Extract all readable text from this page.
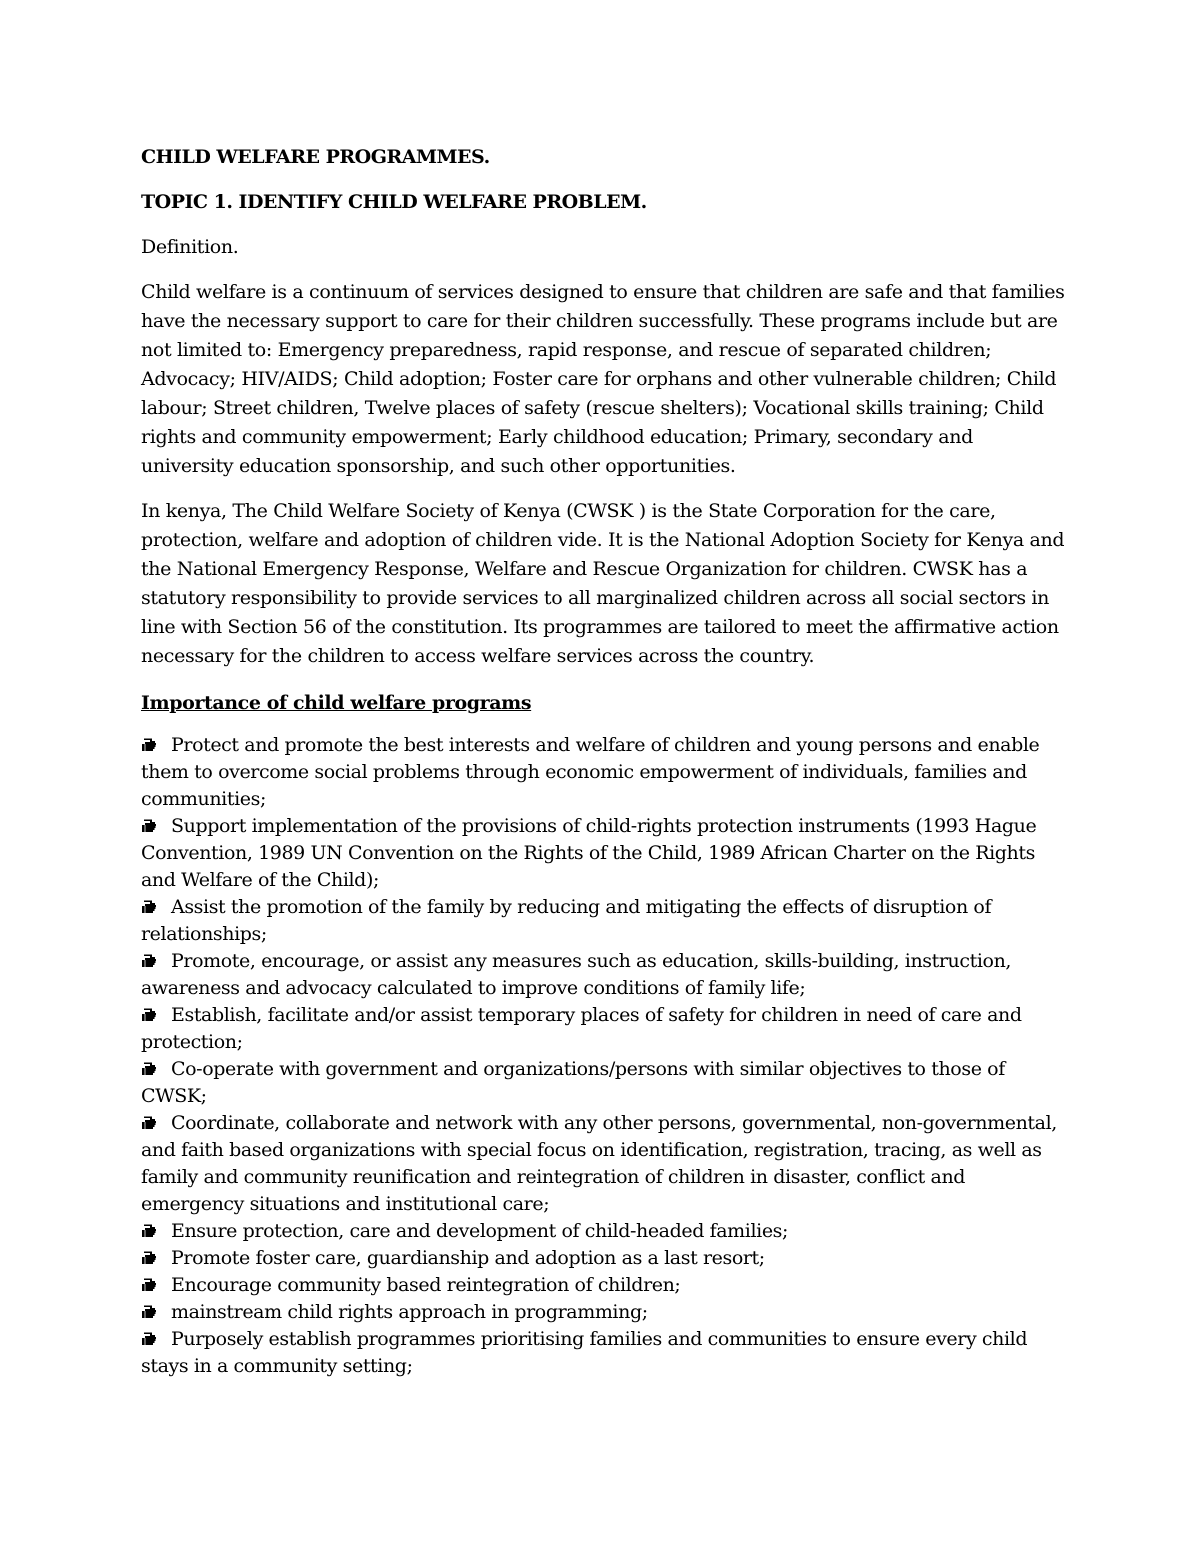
CHILD WELFARE PROGRAMMES.

TOPIC 1. IDENTIFY CHILD WELFARE PROBLEM.

Definition.

Child welfare is a continuum of services designed to ensure that children are safe and that families have the necessary support to care for their children successfully. These programs include but are not limited to: Emergency preparedness, rapid response, and rescue of separated children; Advocacy; HIV/AIDS; Child adoption; Foster care for orphans and other vulnerable children; Child labour; Street children, Twelve places of safety (rescue shelters); Vocational skills training; Child rights and community empowerment; Early childhood education; Primary, secondary and university education sponsorship, and such other opportunities.

In kenya, The Child Welfare Society of Kenya (CWSK ) is the State Corporation for the care, protection, welfare and adoption of children vide. It is the National Adoption Society for Kenya and the National Emergency Response, Welfare and Rescue Organization for children. CWSK has a statutory responsibility to provide services to all marginalized children across all social sectors in line with Section 56 of the constitution. Its programmes are tailored to meet the affirmative action necessary for the children to access welfare services across the country.

Importance of child welfare programs

Protect and promote the best interests and welfare of children and young persons and enable them to overcome social problems through economic empowerment of individuals, families and communities;
Support implementation of the provisions of child-rights protection instruments (1993 Hague Convention, 1989 UN Convention on the Rights of the Child, 1989 African Charter on the Rights and Welfare of the Child);
Assist the promotion of the family by reducing and mitigating the effects of disruption of relationships;
Promote, encourage, or assist any measures such as education, skills-building, instruction, awareness and advocacy calculated to improve conditions of family life;
Establish, facilitate and/or assist temporary places of safety for children in need of care and protection;
Co-operate with government and organizations/persons with similar objectives to those of CWSK;
Coordinate, collaborate and network with any other persons, governmental, non-governmental, and faith based organizations with special focus on identification, registration, tracing, as well as family and community reunification and reintegration of children in disaster, conflict and emergency situations and institutional care;
Ensure protection, care and development of child-headed families;
Promote foster care, guardianship and adoption as a last resort;
Encourage community based reintegration of children;
mainstream child rights approach in programming;
Purposely establish programmes prioritising families and communities to ensure every child stays in a community setting;
